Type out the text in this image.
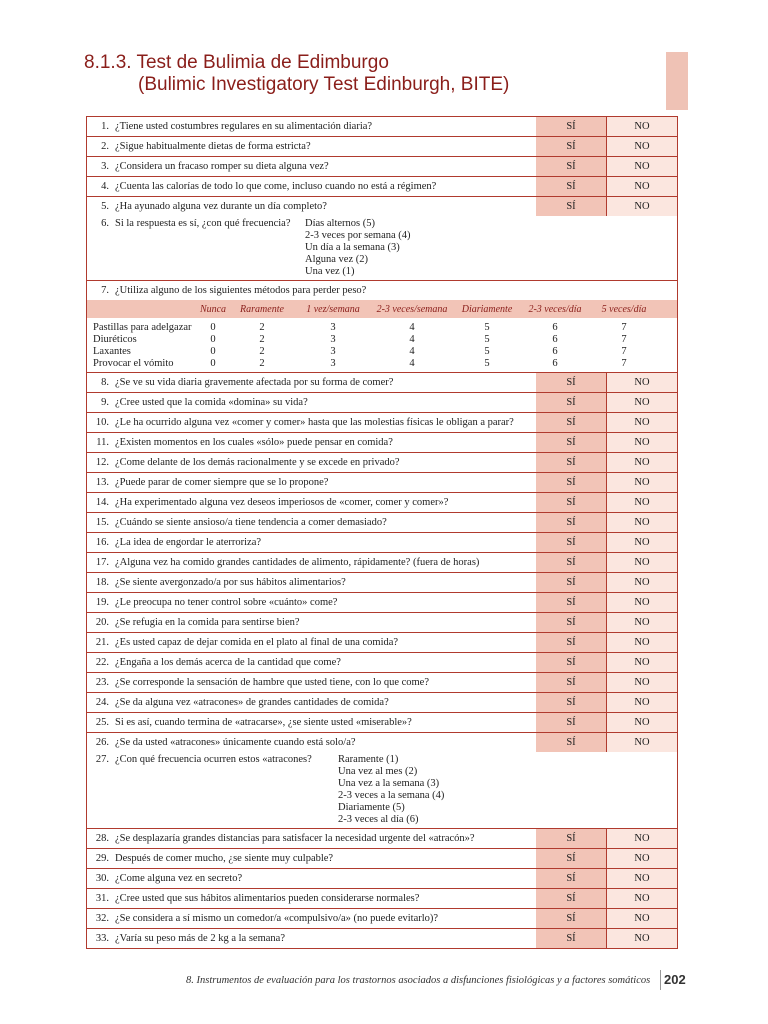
8.1.3. Test de Bulimia de Edimburgo
(Bulimic Investigatory Test Edinburgh, BITE)
1. ¿Tiene usted costumbres regulares en su alimentación diaria?	SÍ	NO
2. ¿Sigue habitualmente dietas de forma estricta?	SÍ	NO
3. ¿Considera un fracaso romper su dieta alguna vez?	SÍ	NO
4. ¿Cuenta las calorías de todo lo que come, incluso cuando no está a régimen?	SÍ	NO
5. ¿Ha ayunado alguna vez durante un día completo?	SÍ	NO
6. Si la respuesta es sí, ¿con qué frecuencia?	Días alternos (5)
2-3 veces por semana (4)
Un día a la semana (3)
Alguna vez (2)
Una vez (1)
7. ¿Utiliza alguno de los siguientes métodos para perder peso?
Nunca	Raramente	1 vez/semana	2-3 veces/semana	Diariamente	2-3 veces/día	5 veces/día
Pastillas para adelgazar	0	2	3	4	5	6	7
Diuréticos	0	2	3	4	5	6	7
Laxantes	0	2	3	4	5	6	7
Provocar el vómito	0	2	3	4	5	6	7
8. ¿Se ve su vida diaria gravemente afectada por su forma de comer?	SÍ	NO
9. ¿Cree usted que la comida «domina» su vida?	SÍ	NO
10. ¿Le ha ocurrido alguna vez «comer y comer» hasta que las molestias físicas le obligan a parar?	SÍ	NO
11. ¿Existen momentos en los cuales «sólo» puede pensar en comida?	SÍ	NO
12. ¿Come delante de los demás racionalmente y se excede en privado?	SÍ	NO
13. ¿Puede parar de comer siempre que se lo propone?	SÍ	NO
14. ¿Ha experimentado alguna vez deseos imperiosos de «comer, comer y comer»?	SÍ	NO
15. ¿Cuándo se siente ansioso/a tiene tendencia a comer demasiado?	SÍ	NO
16. ¿La idea de engordar le aterroriza?	SÍ	NO
17. ¿Alguna vez ha comido grandes cantidades de alimento, rápidamente? (fuera de horas)	SÍ	NO
18. ¿Se siente avergonzado/a por sus hábitos alimentarios?	SÍ	NO
19. ¿Le preocupa no tener control sobre «cuánto» come?	SÍ	NO
20. ¿Se refugia en la comida para sentirse bien?	SÍ	NO
21. ¿Es usted capaz de dejar comida en el plato al final de una comida?	SÍ	NO
22. ¿Engaña a los demás acerca de la cantidad que come?	SÍ	NO
23. ¿Se corresponde la sensación de hambre que usted tiene, con lo que come?	SÍ	NO
24. ¿Se da alguna vez «atracones» de grandes cantidades de comida?	SÍ	NO
25. Si es así, cuando termina de «atracarse», ¿se siente usted «miserable»?	SÍ	NO
26. ¿Se da usted «atracones» únicamente cuando está solo/a?	SÍ	NO
27. ¿Con qué frecuencia ocurren estos «atracones?	Raramente (1)
Una vez al mes (2)
Una vez a la semana (3)
2-3 veces a la semana (4)
Diariamente (5)
2-3 veces al día (6)
28. ¿Se desplazaría grandes distancias para satisfacer la necesidad urgente del «atracón»?	SÍ	NO
29. Después de comer mucho, ¿se siente muy culpable?	SÍ	NO
30. ¿Come alguna vez en secreto?	SÍ	NO
31. ¿Cree usted que sus hábitos alimentarios pueden considerarse normales?	SÍ	NO
32. ¿Se considera a sí mismo un comedor/a «compulsivo/a» (no puede evitarlo)?	SÍ	NO
33. ¿Varía su peso más de 2 kg a la semana?	SÍ	NO
8. Instrumentos de evaluación para los trastornos asociados a disfunciones fisiológicas y a factores somáticos 202
